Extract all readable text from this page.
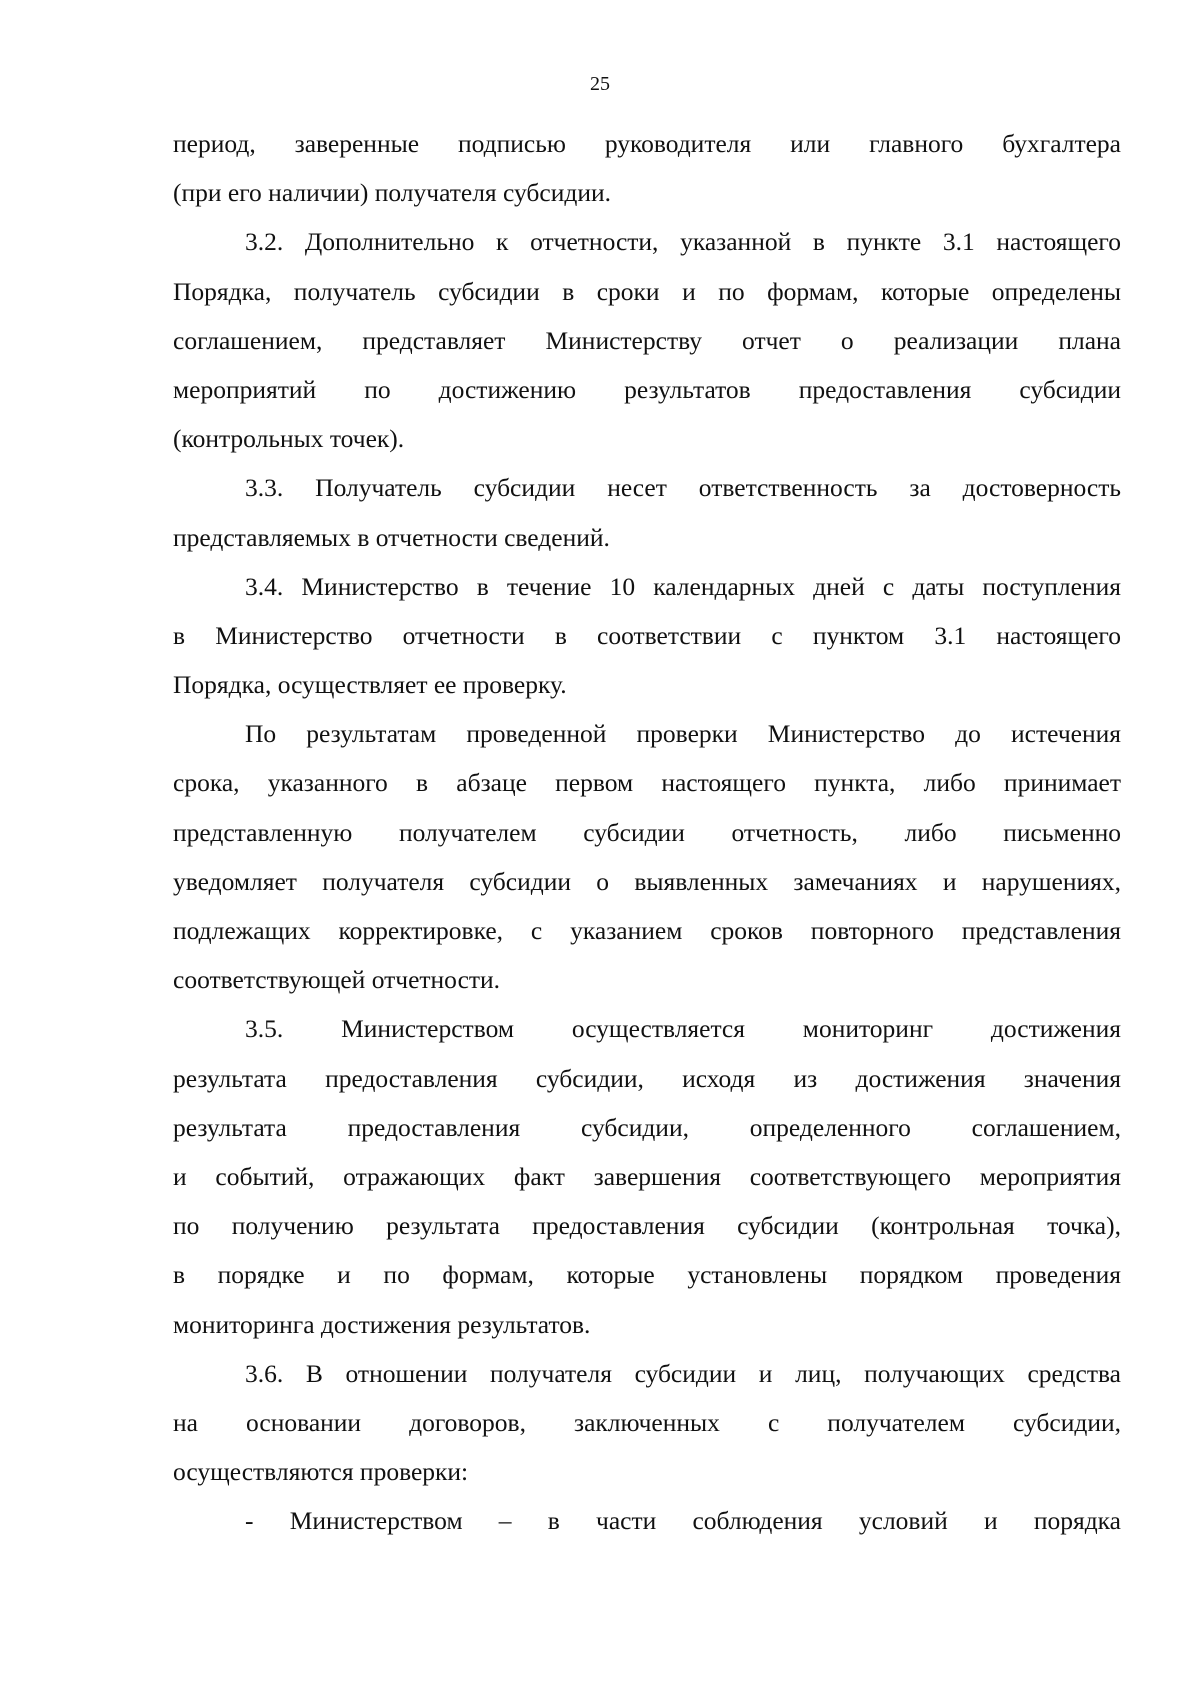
25
период, заверенные подписью руководителя или главного бухгалтера
(при его наличии) получателя субсидии.
3.2. Дополнительно к отчетности, указанной в пункте 3.1 настоящего
Порядка, получатель субсидии в сроки и по формам, которые определены
соглашением, представляет Министерству отчет о реализации плана
мероприятий по достижению результатов предоставления субсидии
(контрольных точек).
3.3. Получатель субсидии несет ответственность за достоверность
представляемых в отчетности сведений.
3.4. Министерство в течение 10 календарных дней с даты поступления
в Министерство отчетности в соответствии с пунктом 3.1 настоящего
Порядка, осуществляет ее проверку.
По результатам проведенной проверки Министерство до истечения
срока, указанного в абзаце первом настоящего пункта, либо принимает
представленную получателем субсидии отчетность, либо письменно
уведомляет получателя субсидии о выявленных замечаниях и нарушениях,
подлежащих корректировке, с указанием сроков повторного представления
соответствующей отчетности.
3.5. Министерством осуществляется мониторинг достижения
результата предоставления субсидии, исходя из достижения значения
результата предоставления субсидии, определенного соглашением,
и событий, отражающих факт завершения соответствующего мероприятия
по получению результата предоставления субсидии (контрольная точка),
в порядке и по формам, которые установлены порядком проведения
мониторинга достижения результатов.
3.6. В отношении получателя субсидии и лиц, получающих средства
на основании договоров, заключенных с получателем субсидии,
осуществляются проверки:
- Министерством – в части соблюдения условий и порядка
